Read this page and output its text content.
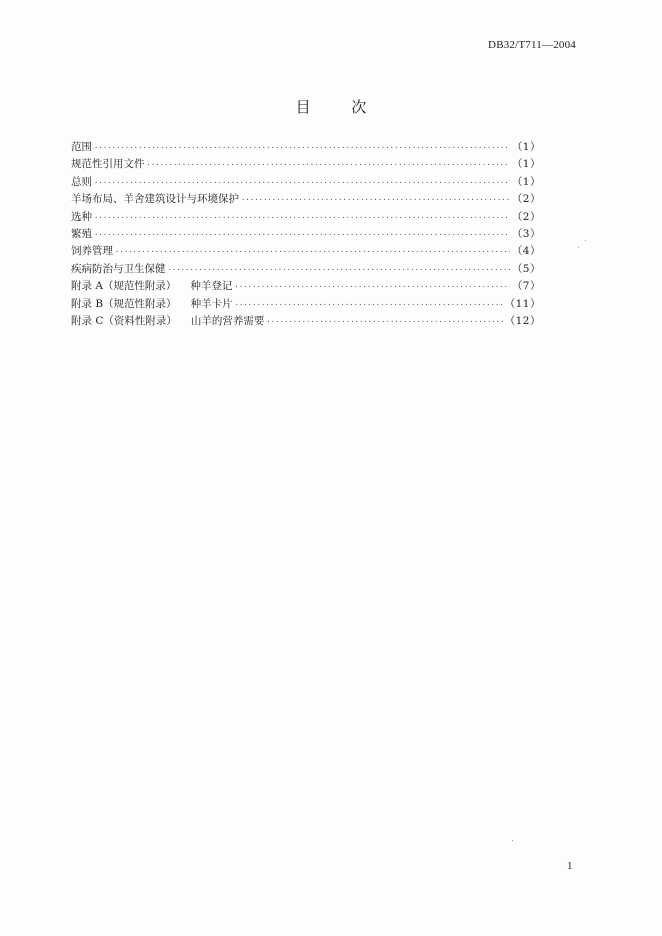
DB32/T711—2004
目 次
范围 ·····	（1）
规范性引用文件 ·····	（1）
总则 ·····	（1）
羊场布局、羊舍建筑设计与环境保护 ·····	（2）
选种 ·····	（2）
繁殖 ·····	（3）
饲养管理 ·····	（4）
疾病防治与卫生保健 ·····	（5）
附录 A（规范性附录） 种羊登记 ·····	（7）
附录 B（规范性附录） 种羊卡片 ·····	（11）
附录 C（资料性附录） 山羊的营养需要 ·····	（12）
1
